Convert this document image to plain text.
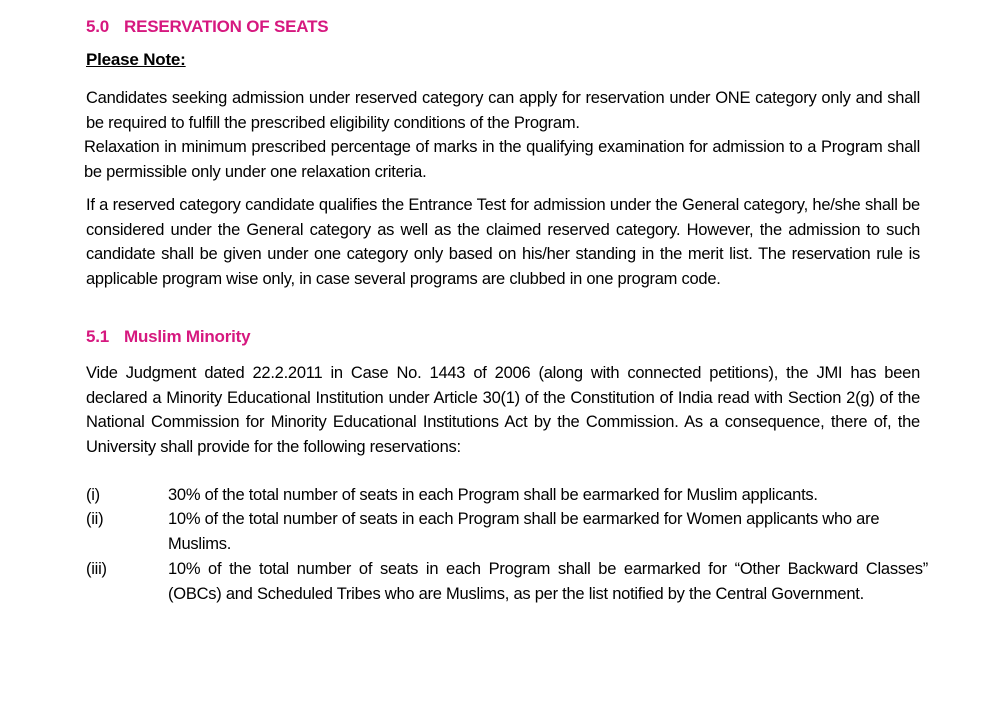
5.0 RESERVATION OF SEATS
Please Note:
Candidates seeking admission under reserved category can apply for reservation under ONE category only and shall be required to fulfill the prescribed eligibility conditions of the Program.
Relaxation in minimum prescribed percentage of marks in the qualifying examination for admission to a Program shall be permissible only under one relaxation criteria.
If a reserved category candidate qualifies the Entrance Test for admission under the General category, he/she shall be considered under the General category as well as the claimed reserved category. However, the admission to such candidate shall be given under one category only based on his/her standing in the merit list. The reservation rule is applicable program wise only, in case several programs are clubbed in one program code.
5.1 Muslim Minority
Vide Judgment dated 22.2.2011 in Case No. 1443 of 2006 (along with connected petitions), the JMI has been declared a Minority Educational Institution under Article 30(1) of the Constitution of India read with Section 2(g) of the National Commission for Minority Educational Institutions Act by the Commission. As a consequence, there of, the University shall provide for the following reservations:
(i)	30% of the total number of seats in each Program shall be earmarked for Muslim applicants.
(ii)	10% of the total number of seats in each Program shall be earmarked for Women applicants who are Muslims.
(iii)	10% of the total number of seats in each Program shall be earmarked for “Other Backward Classes” (OBCs) and Scheduled Tribes who are Muslims, as per the list notified by the Central Government.
